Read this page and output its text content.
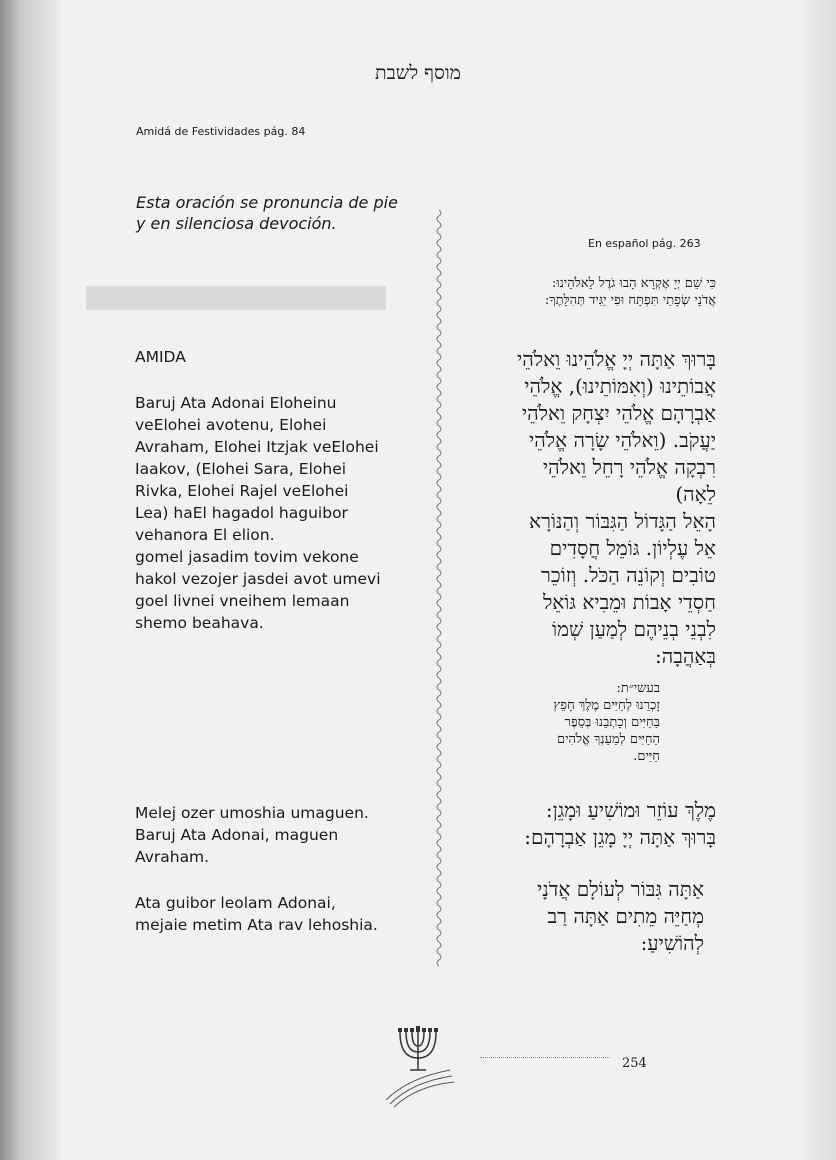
מוסף לשבת
Amidá de Festividades pág. 84
Esta oración se pronuncia de pie
y en silenciosa devoción.
En español pág. 263
AMIDA

Baruj Ata Adonai Eloheinu

veElohei avotenu, Elohei

Avraham, Elohei Itzjak veElohei

Iaakov, (Elohei Sara, Elohei

Rivka, Elohei Rajel veElohei

Lea) haEl hagadol haguibor

vehanora El elion.

gomel jasadim tovim vekone

hakol vezojer jasdei avot umevi

goel livnei vneihem lemaan

shemo beahava.

Melej ozer umoshia umaguen.

Baruj Ata Adonai, maguen

Avraham.

Ata guibor leolam Adonai,

mejaie metim Ata rav lehoshia.

כִּי שֵׁם יְיָ אֶקְרָא הָבוּ גֹדֶל לֵאלֹהֵינוּ:

אֲדֹנָי שְׂפָתַי תִּפְתָּח וּפִי יַגִּיד תְּהִלָּתֶךָ:

בָּרוּךְ אַתָּה יְיָ אֱלֹהֵינוּ וֵאלֹהֵי

אֲבוֹתֵינוּ (וְאִמּוֹתֵינוּ), אֱלֹהֵי

אַבְרָהָם אֱלֹהֵי יִצְחָק וֵאלֹהֵי

יַעֲקֹב. (וֵאלֹהֵי שָׂרָה אֱלֹהֵי

רִבְקָה אֱלֹהֵי רָחֵל וֵאלֹהֵי

לֵאָה)

הָאֵל הַגָּדוֹל הַגִּבּוֹר וְהַנּוֹרָא

אֵל עֶלְיוֹן. גּוֹמֵל חֲסָדִים

טוֹבִים וְקוֹנֵה הַכֹּל. וְזוֹכֵר

חַסְדֵי אָבוֹת וּמֵבִיא גּוֹאֵל

לִבְנֵי בְנֵיהֶם לְמַעַן שְׁמוֹ

בְּאַהֲבָה:

בעשי״ת:

זָכְרֵנוּ לְחַיִּים מֶלֶךְ חָפֵץ

בַּחַיִּים וְכָתְבֵנוּ בְּסֵפֶר

הַחַיִּים לְמַעַנְךָ אֱלֹהִים

חַיִּים.

מֶלֶךְ עוֹזֵר וּמוֹשִׁיעַ וּמָגֵן:

בָּרוּךְ אַתָּה יְיָ מָגֵן אַבְרָהָם:

אַתָּה גִּבּוֹר לְעוֹלָם אֲדֹנָי

מְחַיֵּה מֵתִים אַתָּה רַב

לְהוֹשִׁיעַ:

254
